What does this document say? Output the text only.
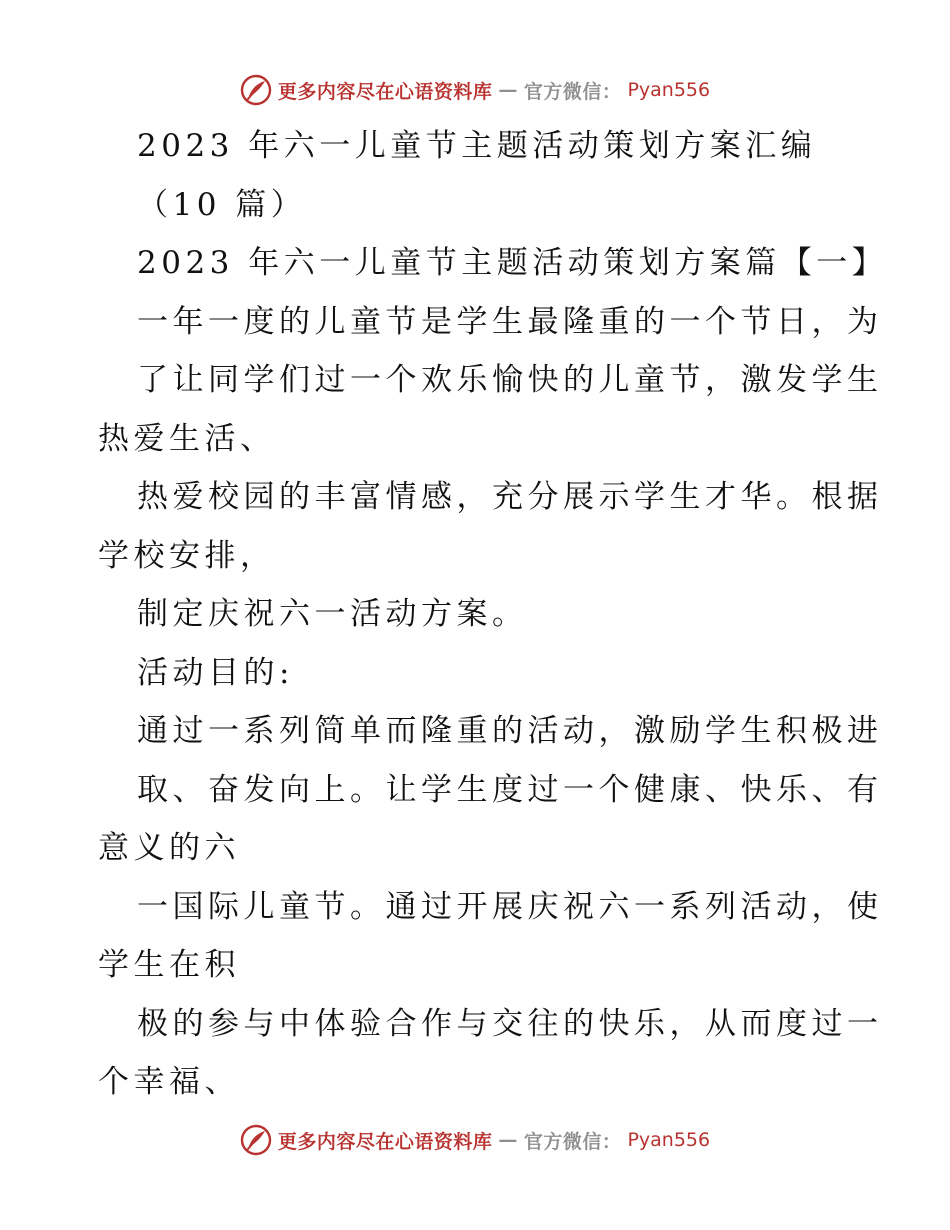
更多内容尽在心语资料库 — 官方微信： Pyan556
2023 年六一儿童节主题活动策划方案汇编
（10 篇）
2023 年六一儿童节主题活动策划方案篇【一】
一年一度的儿童节是学生最隆重的一个节日，为
了让同学们过一个欢乐愉快的儿童节，激发学生
热爱生活、
热爱校园的丰富情感，充分展示学生才华。根据
学校安排，
制定庆祝六一活动方案。
活动目的:
通过一系列简单而隆重的活动，激励学生积极进
取、奋发向上。让学生度过一个健康、快乐、有
意义的六
一国际儿童节。通过开展庆祝六一系列活动，使
学生在积
极的参与中体验合作与交往的快乐，从而度过一
个幸福、
更多内容尽在心语资料库 — 官方微信： Pyan556
